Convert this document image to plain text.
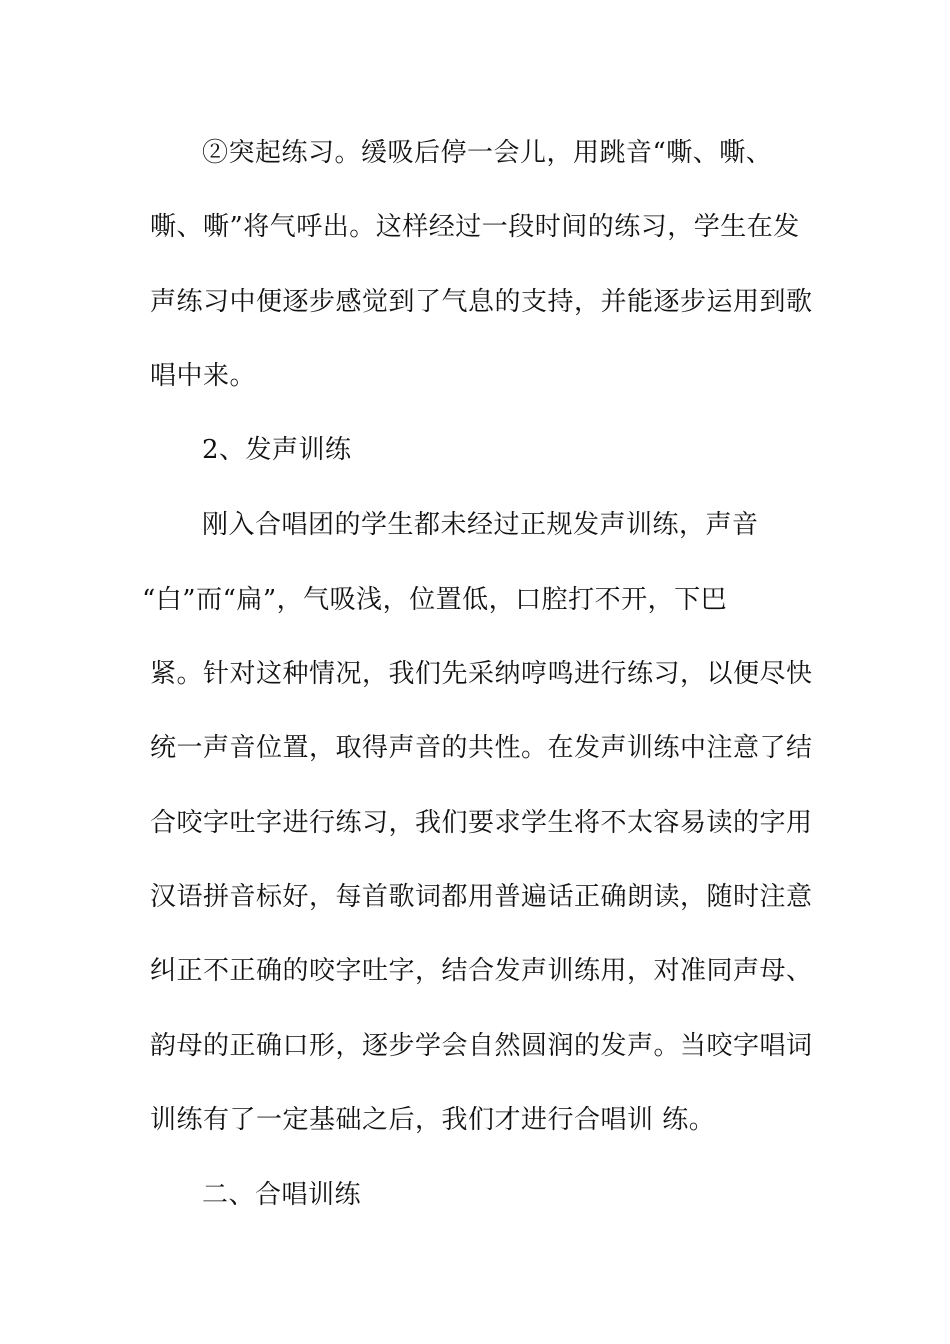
②突起练习。缓吸后停一会儿，用跳音“嘶、嘶、
嘶、嘶”将气呼出。这样经过一段时间的练习，学生在发
声练习中便逐步感觉到了气息的支持，并能逐步运用到歌
唱中来。
2、发声训练
刚入合唱团的学生都未经过正规发声训练，声音
“白”而“扁”，气吸浅，位置低，口腔打不开，下巴
紧。针对这种情况，我们先采纳哼鸣进行练习，以便尽快
统一声音位置，取得声音的共性。在发声训练中注意了结
合咬字吐字进行练习，我们要求学生将不太容易读的字用
汉语拼音标好，每首歌词都用普遍话正确朗读，随时注意
纠正不正确的咬字吐字，结合发声训练用，对准同声母、
韵母的正确口形，逐步学会自然圆润的发声。当咬字唱词
训练有了一定基础之后，我们才进行合唱训 练。
二、合唱训练
